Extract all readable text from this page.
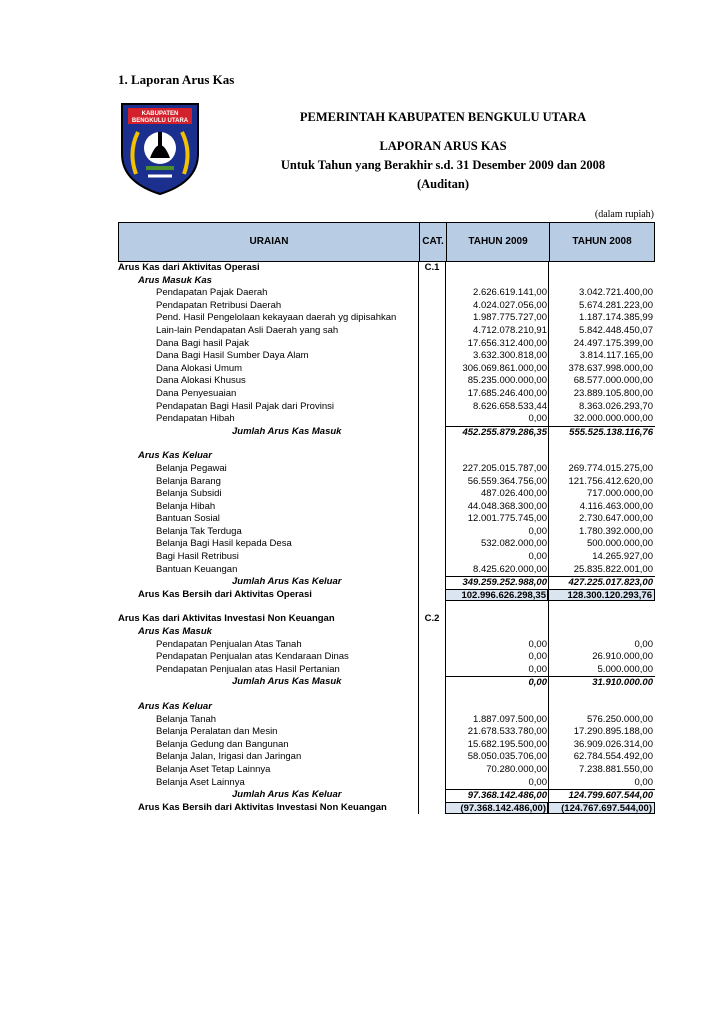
1. Laporan Arus Kas
KABUPATEN
BENGKULU UTARA	PEMERINTAH KABUPATEN BENGKULU UTARA
LAPORAN ARUS KAS
Untuk Tahun yang Berakhir s.d. 31 Desember 2009 dan 2008
(Auditan)
(dalam rupiah)
URAIAN	CAT.	TAHUN 2009	TAHUN 2008
Arus Kas dari Aktivitas Operasi	C.1
Arus Masuk Kas
Pendapatan Pajak Daerah	2.626.619.141,00	3.042.721.400,00
Pendapatan Retribusi Daerah	4.024.027.056,00	5.674.281.223,00
Pend. Hasil Pengelolaan kekayaan daerah yg dipisahkan	1.987.775.727,00	1.187.174.385,99
Lain-lain Pendapatan Asli Daerah yang sah	4.712.078.210,91	5.842.448.450,07
Dana Bagi hasil Pajak	17.656.312.400,00	24.497.175.399,00
Dana Bagi Hasil Sumber Daya Alam	3.632.300.818,00	3.814.117.165,00
Dana Alokasi Umum	306.069.861.000,00	378.637.998.000,00
Dana Alokasi Khusus	85.235.000.000,00	68.577.000.000,00
Dana Penyesuaian	17.685.246.400,00	23.889.105.800,00
Pendapatan Bagi Hasil Pajak dari Provinsi	8.626.658.533,44	8.363.026.293,70
Pendapatan Hibah	0,00	32.000.000.000,00
Jumlah Arus Kas Masuk	452.255.879.286,35	555.525.138.116,76
Arus Kas Keluar
Belanja Pegawai	227.205.015.787,00	269.774.015.275,00
Belanja Barang	56.559.364.756,00	121.756.412.620,00
Belanja Subsidi	487.026.400,00	717.000.000,00
Belanja Hibah	44.048.368.300,00	4.116.463.000,00
Bantuan Sosial	12.001.775.745,00	2.730.647.000,00
Belanja Tak Terduga	0,00	1.780.392.000,00
Belanja Bagi Hasil kepada Desa	532.082.000,00	500.000.000,00
Bagi Hasil Retribusi	0,00	14.265.927,00
Bantuan Keuangan	8.425.620.000,00	25.835.822.001,00
Jumlah Arus Kas Keluar	349.259.252.988,00	427.225.017.823,00
Arus Kas Bersih dari Aktivitas Operasi	102.996.626.298,35	128.300.120.293,76
Arus Kas dari Aktivitas Investasi Non Keuangan	C.2
Arus Kas Masuk
Pendapatan Penjualan Atas Tanah	0,00	0,00
Pendapatan Penjualan atas Kendaraan Dinas	0,00	26.910.000,00
Pendapatan Penjualan atas Hasil Pertanian	0,00	5.000.000,00
Jumlah Arus Kas Masuk	0,00	31.910.000.00
Arus Kas Keluar
Belanja Tanah	1.887.097.500,00	576.250.000,00
Belanja Peralatan dan Mesin	21.678.533.780,00	17.290.895.188,00
Belanja Gedung dan Bangunan	15.682.195.500,00	36.909.026.314,00
Belanja Jalan, Irigasi dan Jaringan	58.050.035.706,00	62.784.554.492,00
Belanja Aset Tetap Lainnya	70.280.000,00	7.238.881.550,00
Belanja Aset Lainnya	0,00	0,00
Jumlah Arus Kas Keluar	97.368.142.486,00	124.799.607.544,00
Arus Kas Bersih dari Aktivitas Investasi Non Keuangan	(97.368.142.486,00)	(124.767.697.544,00)
